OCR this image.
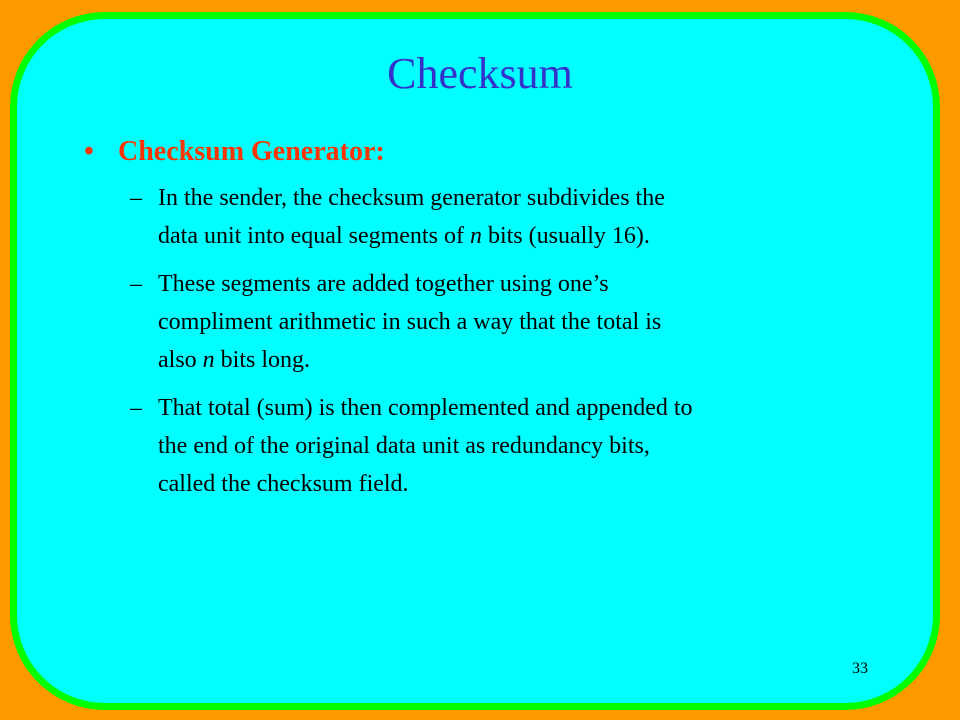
Checksum
• Checksum Generator:
– In the sender, the checksum generator subdivides the
data unit into equal segments of n bits (usually 16).
– These segments are added together using one’s
compliment arithmetic in such a way that the total is
also n bits long.
– That total (sum) is then complemented and appended to
the end of the original data unit as redundancy bits,
called the checksum field.
33
